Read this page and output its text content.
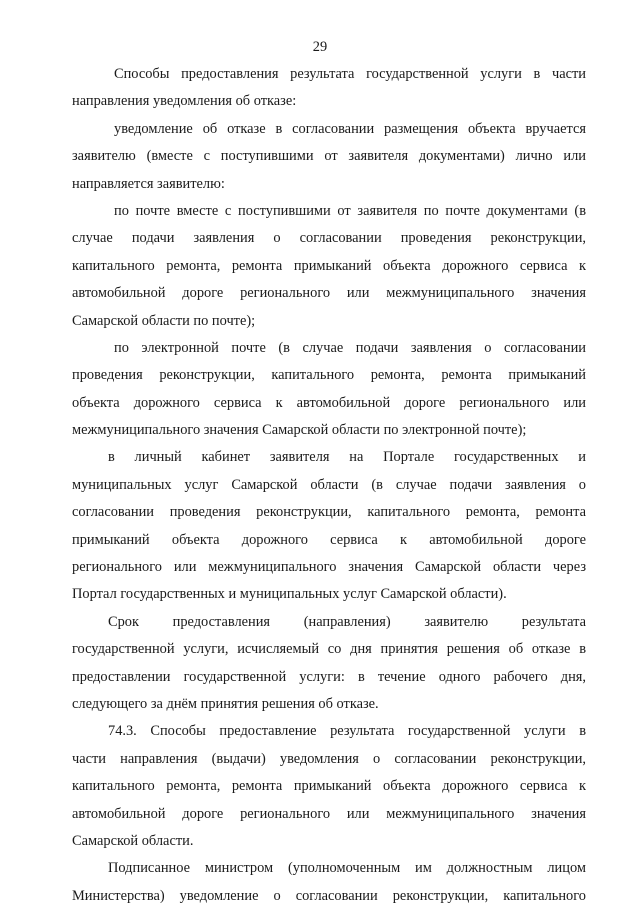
29
Способы предоставления результата государственной услуги в части
направления уведомления об отказе:
уведомление об отказе в согласовании размещения объекта вручается
заявителю (вместе с поступившими от заявителя документами) лично или
направляется заявителю:
по почте вместе с поступившими от заявителя по почте документами (в
случае подачи заявления о согласовании проведения реконструкции,
капитального ремонта, ремонта примыканий объекта дорожного сервиса к
автомобильной дороге регионального или межмуниципального значения
Самарской области по почте);
по электронной почте (в случае подачи заявления о согласовании
проведения реконструкции, капитального ремонта, ремонта примыканий
объекта дорожного сервиса к автомобильной дороге регионального или
межмуниципального значения Самарской области по электронной почте);
в личный кабинет заявителя на Портале государственных и
муниципальных услуг Самарской области (в случае подачи заявления о
согласовании проведения реконструкции, капитального ремонта, ремонта
примыканий объекта дорожного сервиса к автомобильной дороге
регионального или межмуниципального значения Самарской области через
Портал государственных и муниципальных услуг Самарской области).
Срок предоставления (направления) заявителю результата
государственной услуги, исчисляемый со дня принятия решения об отказе в
предоставлении государственной услуги: в течение одного рабочего дня,
следующего за днём принятия решения об отказе.
74.3. Способы предоставление результата государственной услуги в
части направления (выдачи) уведомления о согласовании реконструкции,
капитального ремонта, ремонта примыканий объекта дорожного сервиса к
автомобильной дороге регионального или межмуниципального значения
Самарской области.
Подписанное министром (уполномоченным им должностным лицом
Министерства) уведомление о согласовании реконструкции, капитального
